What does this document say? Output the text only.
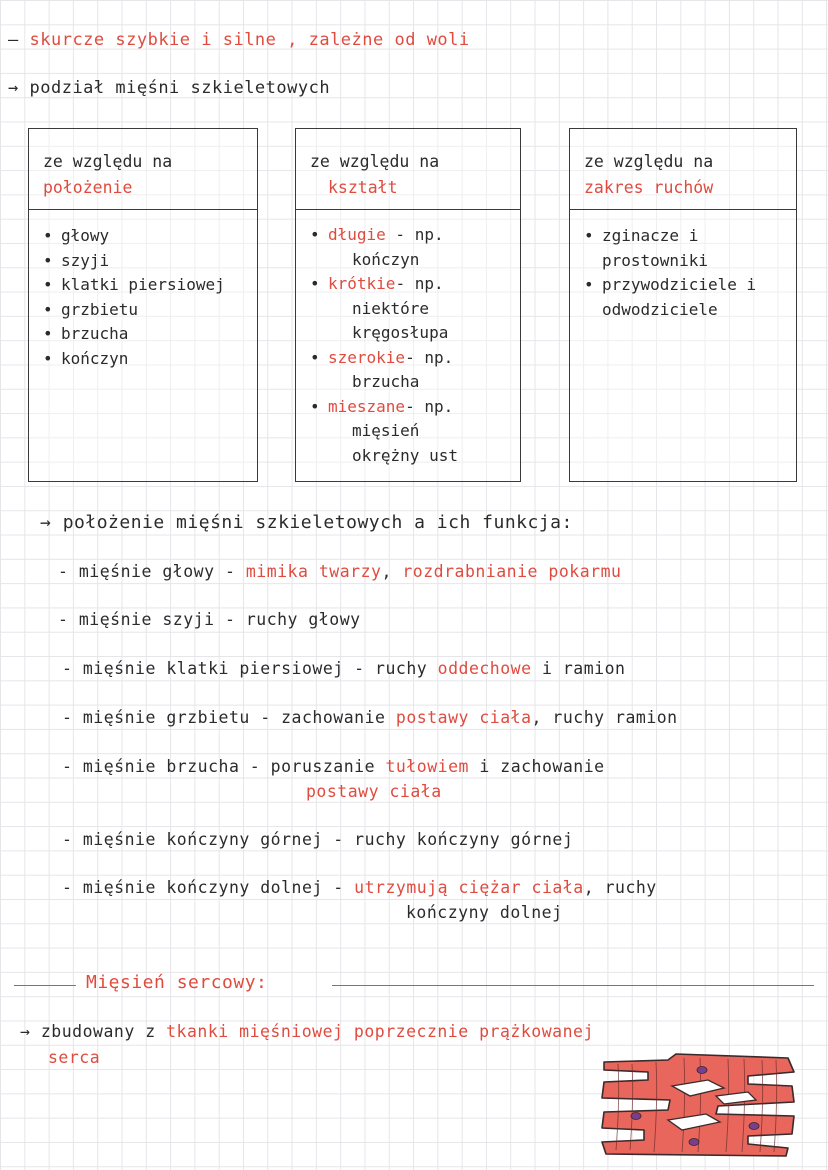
— skurcze szybkie i silne , zależne od woli
→ podział mięśni szkieletowych
ze względu na
położenie
• głowy
• szyji
• klatki piersiowej
• grzbietu
• brzucha
• kończyn
ze względu na
kształt
• długie - np.
kończyn
• krótkie- np.
niektóre
kręgosłupa
• szerokie- np.
brzucha
• mieszane- np.
mięsień
okrężny ust
ze względu na
zakres ruchów
• zginacze i
prostowniki
• przywodziciele i
odwodziciele
→ położenie mięśni szkieletowych a ich funkcja:
- mięśnie głowy - mimika twarzy, rozdrabnianie pokarmu
- mięśnie szyji - ruchy głowy
- mięśnie klatki piersiowej - ruchy oddechowe i ramion
- mięśnie grzbietu - zachowanie postawy ciała, ruchy ramion
- mięśnie brzucha - poruszanie tułowiem i zachowanie
postawy ciała
- mięśnie kończyny górnej - ruchy kończyny górnej
- mięśnie kończyny dolnej - utrzymują ciężar ciała, ruchy
kończyny dolnej
Mięsień sercowy:
→ zbudowany z tkanki mięśniowej poprzecznie prążkowanej
serca
